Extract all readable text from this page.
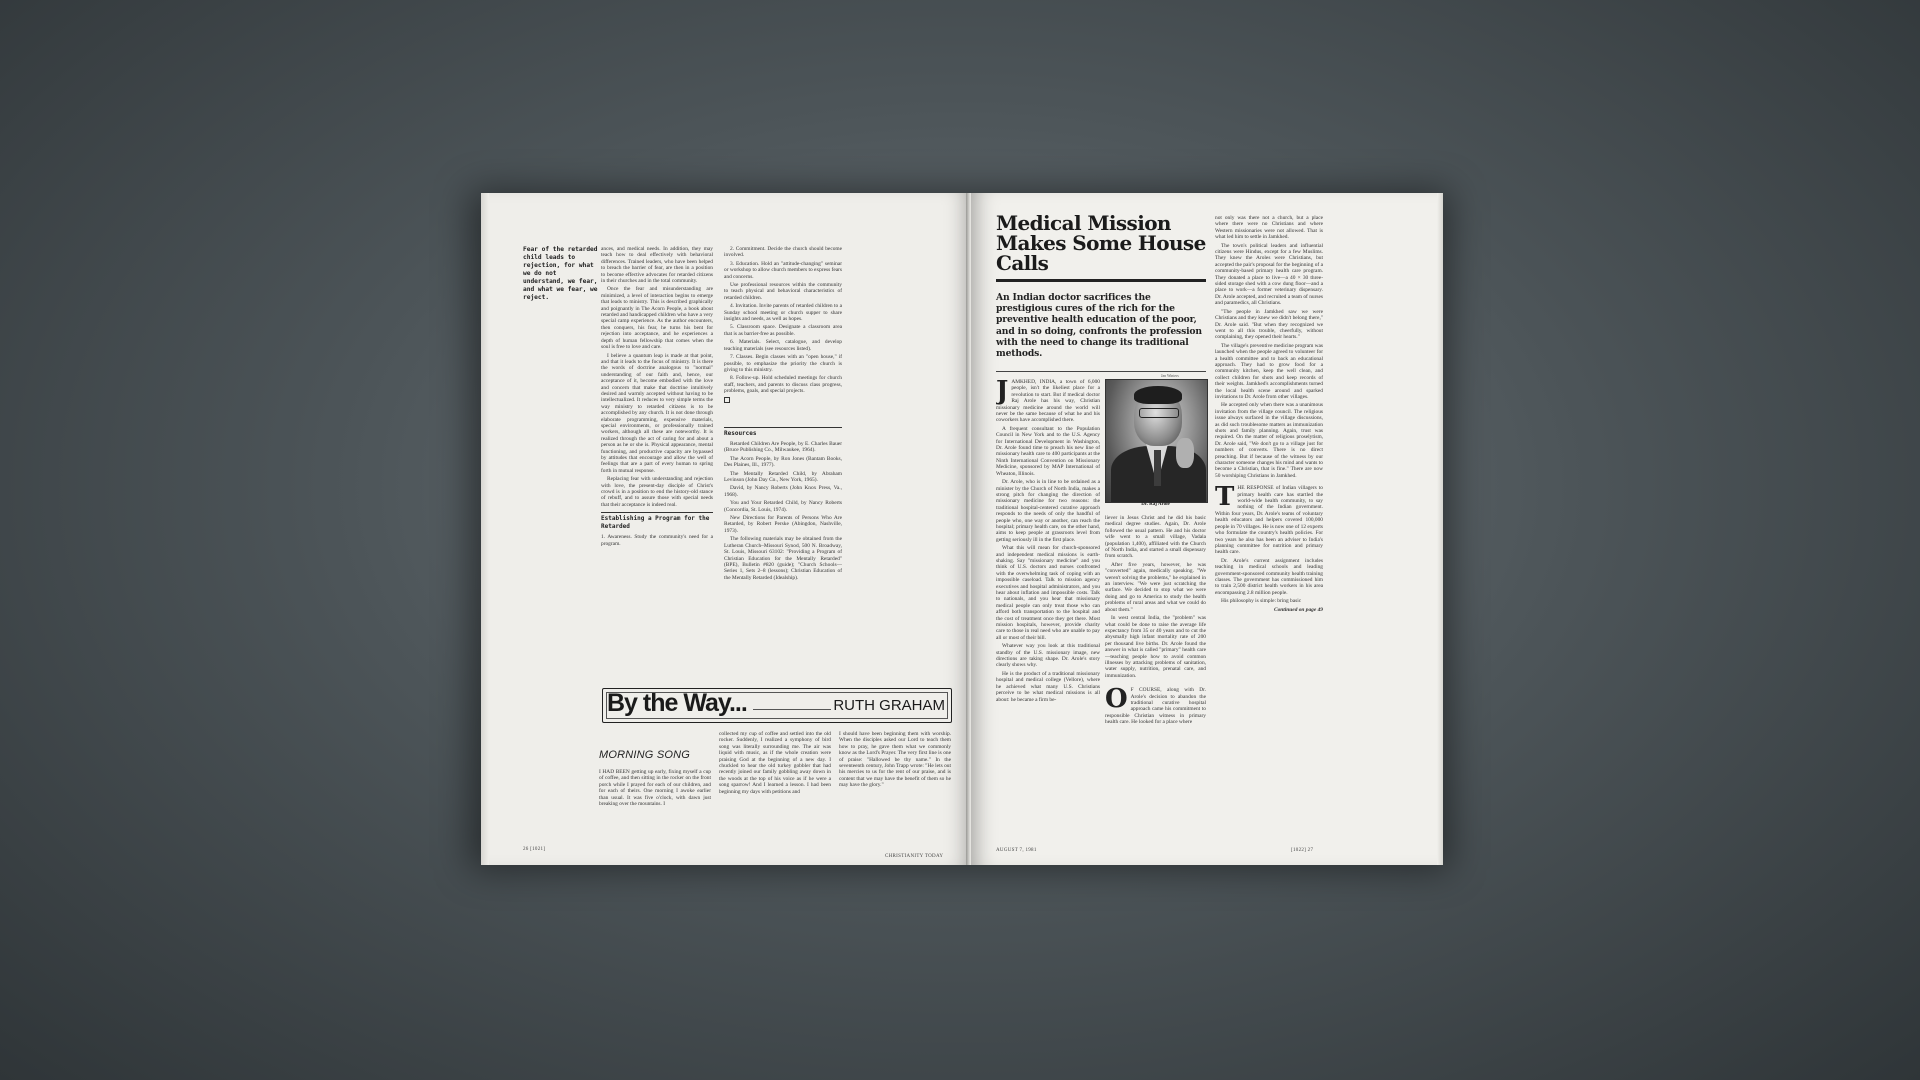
Fear of the retarded child leads to rejection, for what we do not understand, we fear, and what we fear, we reject.

ances, and medical needs. In addition, they may teach how to deal effectively with behavioral differences. Trained leaders, who have been helped to breach the barrier of fear, are then in a position to become effective advocates for retarded citizens in their churches and in the total community.

Once the fear and misunderstanding are minimized, a level of interaction begins to emerge that leads to ministry. This is described graphically and poignantly in The Acorn People, a book about retarded and handicapped children who have a very special camp experience. As the author encounters, then conquers, his fear, he turns his bent for rejection into acceptance, and he experiences a depth of human fellowship that comes when the soul is free to love and care.

I believe a quantum leap is made at that point, and that it leads to the focus of ministry. It is there the words of doctrine analogous to "normal" understanding of our faith and, hence, our acceptance of it, become embodied with the love and concern that make that doctrine intuitively desired and warmly accepted without having to be intellectualized. It reduces to very simple terms the way ministry to retarded citizens is to be accomplished by any church. It is not done through elaborate programming, expensive materials, special environments, or professionally trained workers, although all these are noteworthy. It is realized through the act of caring for and about a person as he or she is. Physical appearance, mental functioning, and productive capacity are bypassed by attitudes that encourage and allow the well of feelings that are a part of every human to spring forth in mutual response.

Replacing fear with understanding and rejection with love, the present-day disciple of Christ's crowd is in a position to end the history-old stance of rebuff, and to assure those with special needs that their acceptance is indeed real.

Establishing a Program for the Retarded

1. Awareness. Study the community's need for a program.

2. Commitment. Decide the church should become involved.

3. Education. Hold an "attitude-changing" seminar or workshop to allow church members to express fears and concerns.

Use professional resources within the community to teach physical and behavioral characteristics of retarded children.

4. Invitation. Invite parents of retarded children to a Sunday school meeting or church supper to share insights and needs, as well as hopes.

5. Classroom space. Designate a classroom area that is as barrier-free as possible.

6. Materials. Select, catalogue, and develop teaching materials (see resources listed).

7. Classes. Begin classes with an "open house," if possible, to emphasize the priority the church is giving to this ministry.

8. Follow-up. Hold scheduled meetings for church staff, teachers, and parents to discuss class progress, problems, goals, and special projects.

Resources

Retarded Children Are People, by E. Charles Bauer (Bruce Publishing Co., Milwaukee, 1964).

The Acorn People, by Ron Jones (Bantam Books, Des Plaines, Ill., 1977).

The Mentally Retarded Child, by Abraham Levinson (John Day Co., New York, 1965).

David, by Nancy Roberts (John Knox Press, Va., 1968).

You and Your Retarded Child, by Nancy Roberts (Concordia, St. Louis, 1974).

New Directions for Parents of Persons Who Are Retarded, by Robert Perske (Abingdon, Nashville, 1973).

The following materials may be obtained from the Lutheran Church–Missouri Synod, 500 N. Broadway, St. Louis, Missouri 63102: "Providing a Program of Christian Education for the Mentally Retarded" (BPE), Bulletin #820 (guide); "Church Schools—Series 1, Sets 2–8 (lessons); Christian Education of the Mentally Retarded (Idealship).

By the Way...	RUTH GRAHAM
MORNING SONG

I HAD BEEN getting up early, fixing myself a cup of coffee, and then sitting in the rocker on the front porch while I prayed for each of our children, and for each of theirs. One morning I awoke earlier than usual. It was five o'clock, with dawn just breaking over the mountains. I

collected my cup of coffee and settled into the old rocker. Suddenly, I realized a symphony of bird song was literally surrounding me. The air was liquid with music, as if the whole creation were praising God at the beginning of a new day. I chuckled to hear the old turkey gobbler that had recently joined our family gobbling away down in the woods at the top of his voice as if he were a song sparrow! And I learned a lesson. I had been beginning my days with petitions and

I should have been beginning them with worship. When the disciples asked our Lord to teach them how to pray, he gave them what we commonly know as the Lord's Prayer. The very first line is one of praise: "Hallowed be thy name." In the seventeenth century, John Trapp wrote: "He lets out his mercies to us for the rent of our praise, and is content that we may have the benefit of them so he may have the glory."

26 [1021]
CHRISTIANITY TODAY
Medical Mission Makes Some House Calls
An Indian doctor sacrifices the prestigious cures of the rich for the preventive health education of the poor, and in so doing, confronts the profession with the need to change its traditional methods.
Jan Winters
Dr. Raj Arole
J AMKHED, INDIA, a town of 6,000 people, isn't the likeliest place for a revolution to start. But if medical doctor Raj Arole has his way, Christian missionary medicine around the world will never be the same because of what he and his coworkers have accomplished there.

A frequent consultant to the Population Council in New York and to the U.S. Agency for International Development in Washington, Dr. Arole found time to preach his new line of missionary health care to 400 participants at the Ninth International Convention on Missionary Medicine, sponsored by MAP International of Wheaton, Illinois.

Dr. Arole, who is in line to be ordained as a minister by the Church of North India, makes a strong pitch for changing the direction of missionary medicine for two reasons: the traditional hospital-centered curative approach responds to the needs of only the handful of people who, one way or another, can reach the hospital; primary health care, on the other hand, aims to keep people at grassroots level from getting seriously ill in the first place.

What this will mean for church-sponsored and independent medical missions is earth-shaking. Say "missionary medicine" and you think of U.S. doctors and nurses confronted with the overwhelming task of coping with an impossible caseload. Talk to mission agency executives and hospital administrators, and you hear about inflation and impossible costs. Talk to nationals, and you hear that missionary medical people can only treat those who can afford both transportation to the hospital and the cost of treatment once they get there. Most mission hospitals, however, provide charity care to those in real need who are unable to pay all or most of their bill.

Whatever way you look at this traditional standby of the U.S. missionary image, new directions are taking shape. Dr. Arole's story clearly shows why.

He is the product of a traditional missionary hospital and medical college (Vellore), where he achieved what many U.S. Christians perceive to be what medical missions is all about: he became a firm be-

liever in Jesus Christ and he did his basic medical degree studies. Again, Dr. Arole followed the usual pattern. He and his doctor wife went to a small village, Vadala (population 1,400), affiliated with the Church of North India, and started a small dispensary from scratch.

After five years, however, he was "converted" again, medically speaking. "We weren't solving the problems," he explained in an interview. "We were just scratching the surface. We decided to stop what we were doing and go to America to study the health problems of rural areas and what we could do about them."

In west central India, the "problem" was what could be done to raise the average life expectancy from 35 or 40 years and to cut the abysmally high infant mortality rate of 200 per thousand live births. Dr. Arole found the answer in what is called "primary" health care—teaching people how to avoid common illnesses by attacking problems of sanitation, water supply, nutrition, prenatal care, and immunization.

O F COURSE, along with Dr. Arole's decision to abandon the traditional curative hospital approach came his commitment to responsible Christian witness in primary health care. He looked for a place where

not only was there not a church, but a place where there were no Christians and where Western missionaries were not allowed. That is what led him to settle in Jamkhed.

The town's political leaders and influential citizens were Hindus, except for a few Muslims. They knew the Aroles were Christians, but accepted the pair's proposal for the beginning of a community-based primary health care program. They donated a place to live—a 40 × 30 three-sided storage shed with a cow dung floor—and a place to work—a former veterinary dispensary. Dr. Arole accepted, and recruited a team of nurses and paramedics, all Christians.

"The people in Jamkhed saw we were Christians and they knew we didn't belong there," Dr. Arole said. "But when they recognized we went to all this trouble, cheerfully, without complaining, they opened their hearts."

The village's preventive medicine program was launched when the people agreed to volunteer for a health committee and to back an educational approach. They had to grow food for a community kitchen, keep the well clean, and collect children for shots and keep records of their weights. Jamkhed's accomplishments turned the local health scene around and sparked invitations to Dr. Arole from other villages.

He accepted only when there was a unanimous invitation from the village council. The religious issue always surfaced in the village discussions, as did such troublesome matters as immunization shots and family planning. Again, trust was required. On the matter of religious proselytism, Dr. Arole said, "We don't go to a village just for numbers of converts. There is no direct preaching. But if because of the witness by our character someone changes his mind and wants to become a Christian, that is fine." There are now 50 worshiping Christians in Jamkhed.

T HE RESPONSE of Indian villagers to primary health care has startled the world-wide health community, to say nothing of the Indian government. Within four years, Dr. Arole's teams of voluntary health educators and helpers covered 100,000 people in 70 villages. He is now one of 12 experts who formulate the country's health policies. For two years he also has been an adviser to India's planning committee for nutrition and primary health care.

Dr. Arole's current assignment includes teaching in medical schools and leading government-sponsored community health training classes. The government has commissioned him to train 2,500 district health workers in his area encompassing 2.8 million people.

His philosophy is simple: bring basic

Continued on page 49

AUGUST 7, 1981	[1022] 27
